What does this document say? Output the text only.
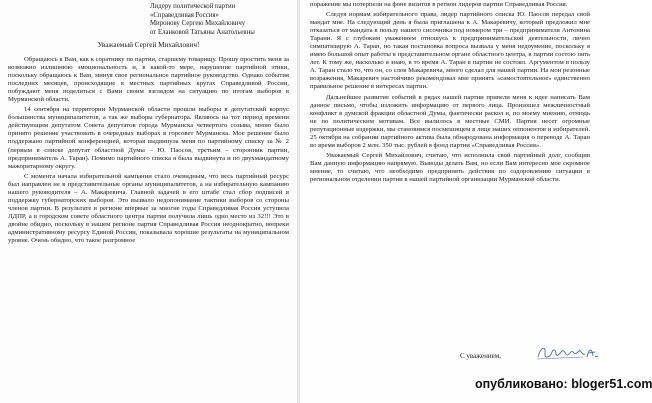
Лидеру политической партии
«Справедливая Россия»
Миронову Сергею Михайловичу
от Еланковой Татьяны Анатольевны
Уважаемый Сергей Михайлович!

Обращаюсь к Вам, как к соратнику по партии, старшему товарищу. Прошу простить меня за возможно излишнюю эмоциональность и, в какой-то мере, нарушение партийной этики, поскольку обращаюсь к Вам, минуя свое региональное партийное руководство. Однако события последних месяцев, происходящие в местных партийных кругах Справедливой России, побуждают меня поделиться с Вами своим взглядом на ситуацию по итогам выборов в Мурманской области.

14 сентября на территории Мурманской области прошли выборы в депутатский корпус большинства муниципалитетов, а так же выборы губернатора. Являюсь на тот период времени действующим депутатом Совета депутатов города Мурманска четвертого созыва, мною было принято решение участвовать в очередных выборах в горсовет Мурманска. Мое решение было поддержано партийной конференцией, которая выдвинула меня по партийному списку за № 2 (первым в списке депутат областной Думы – Ю. Паосов, третьим – сторонник партии, предприниматель А. Таран). Помимо партийного списка я была выдвинута и по двухмандатному мажоритарному округу.

С момента начала избирательной кампании стало очевидным, что весь партийный ресурс был направлен не в представительные органы муниципалитетов, а на избирательную кампанию нашего руководителя – А. Макаревича. Главной задачей в его штабе стал сбор подписей в поддержку губернаторских выборов. Это вызвало недопонимание тактики выборов со стороны членов партии. В результате в регионе впервые за многие годы Справедливая Россия уступила ЛДПР, а в городском совете областного центра партия получила лишь одно место из 32!!! Это в двойне обидно, поскольку в нашем регионе партия Справедливая Россия неоднократно, вопреки административному ресурсу Единой России, показывала хорошие результаты на муниципальном уровне. Очень обидно, что такое разгромное

поражение мы потерпели на фоне визитов в регион лидеров партии Справедливая Россия.

Следуя нормам избирательного права, лидер партийного списка Ю. Паосов передал свой мандат мне. На следующий день я была приглашена к А. Макаревичу, который предложил мне отказаться от мандата в пользу нашего сисочника под номером три – предпринимателя Антонина Тарани. Я с глубоким уважением отношусь к предпринимательской деятельности, лично симпатизирую А. Таран, но такая постановка вопроса вызвала у меня недоумение, поскольку я имею большой опыт работы в представительном органе областного центра, в партии состою пять лет. К тому же, насколько я знаю, в то время А. Таран в партии не состоял. Аргументом в пользу А. Таран стало то, что он, со слов Макаревича, много сделал для нашей партии. На мои резонные возражения, Макаревич настойчиво рекомендовал мне принять «самостоятельное» единственно правильное решение в интересах партии.

Дальнейшее развитие событий в рядах нашей партии привели меня к идее написать Вам данное письмо, чтобы изложить информацию от первого лица. Произошел межличностный конфликт в думской фракции областной Думы, фактически раскол и, по моему мнению, отнюдь не по политическим мотивам. Все вылилось в местные СМИ. Партия несет огромные репутационные издержки, мы становимся посмешищем в лице наших оппонентов и избирателей. 25 октября на собрании партийного актива была обнародована информация о переводе А. Таран во время выборов 2 млн. 350 тыс. рублей в фонд партии «Справедливая Россия».

Уважаемый Сергей Михайлович, считаю, что исполнила свой партийный долг, сообщив Вам данную информацию напрямую. Выводы делать Вам, но если Вам интересно мое скромное мнение, то считаю, что необходимо предпринять действия по оздоровлению ситуации в региональном отделении партии в нашей партийной организации Мурманской области.

С уважением,
опубликовано: bloger51.com
